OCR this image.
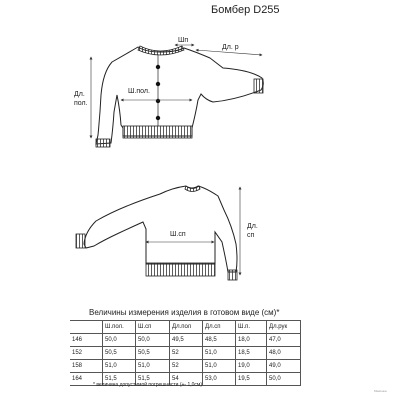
Бомбер D255
Шп
Дл. р
Дл. пол.
Ш.пол.
Ш.сп
Дл. сп
Величины измерения изделия в готовом виде (см)*
	Ш.пол.	Ш.сп	Дл.пол	Дл.сп	Ш.п.	Дл.рук
146	50,0	50,0	49,5	48,5	18,0	47,0
152	50,5	50,5	52	51,0	18,5	48,0
158	51,0	51,0	52	51,0	19,0	49,0
164	51,5	51,5	54	53,0	19,5	50,0
* величина допустимой погрешности (+- 1,0см)
Мякишка
